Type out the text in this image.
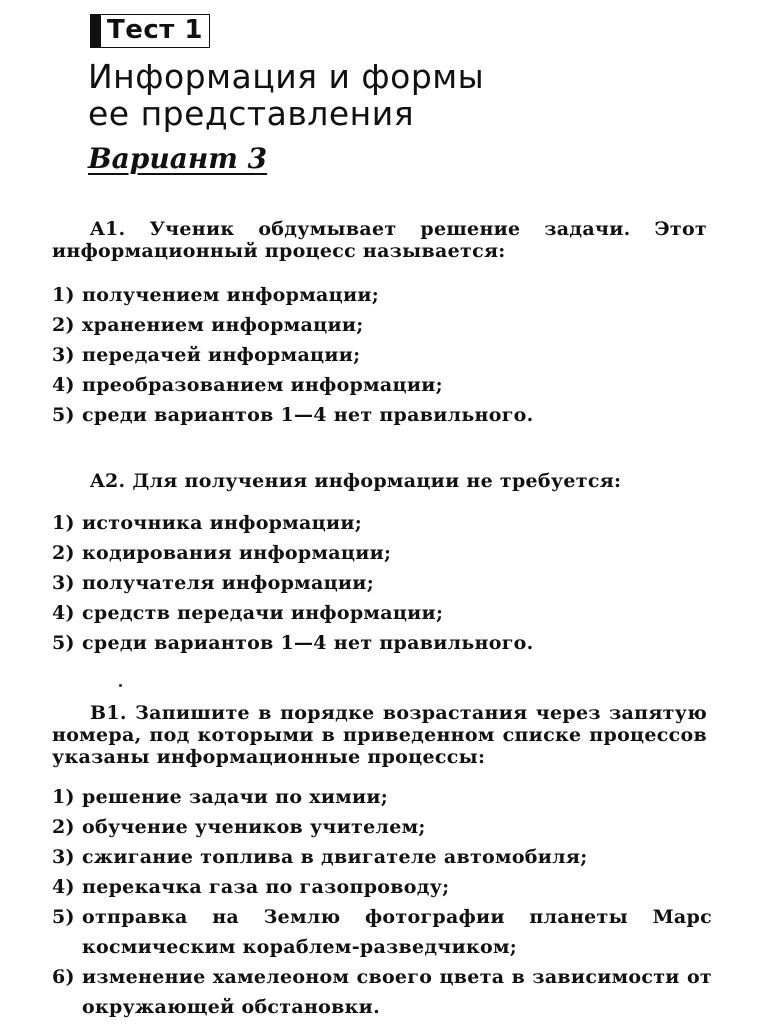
Тест 1
Информация и формы
ее представления
Вариант 3

A1. Ученик обдумывает решение задачи. Этот информационный процесс называется:

1) получением информации;
2) хранением информации;
3) передачей информации;
4) преобразованием информации;
5) среди вариантов 1—4 нет правильного.

A2. Для получения информации не требуется:

1) источника информации;
2) кодирования информации;
3) получателя информации;
4) средств передачи информации;
5) среди вариантов 1—4 нет правильного.

B1. Запишите в порядке возрастания через запятую номера, под которыми в приведенном списке процессов указаны информационные процессы:

1) решение задачи по химии;
2) обучение учеников учителем;
3) сжигание топлива в двигателе автомобиля;
4) перекачка газа по газопроводу;
5) отправка на Землю фотографии планеты Марс космическим кораблем-разведчиком;
6) изменение хамелеоном своего цвета в зависимости от окружающей обстановки.
